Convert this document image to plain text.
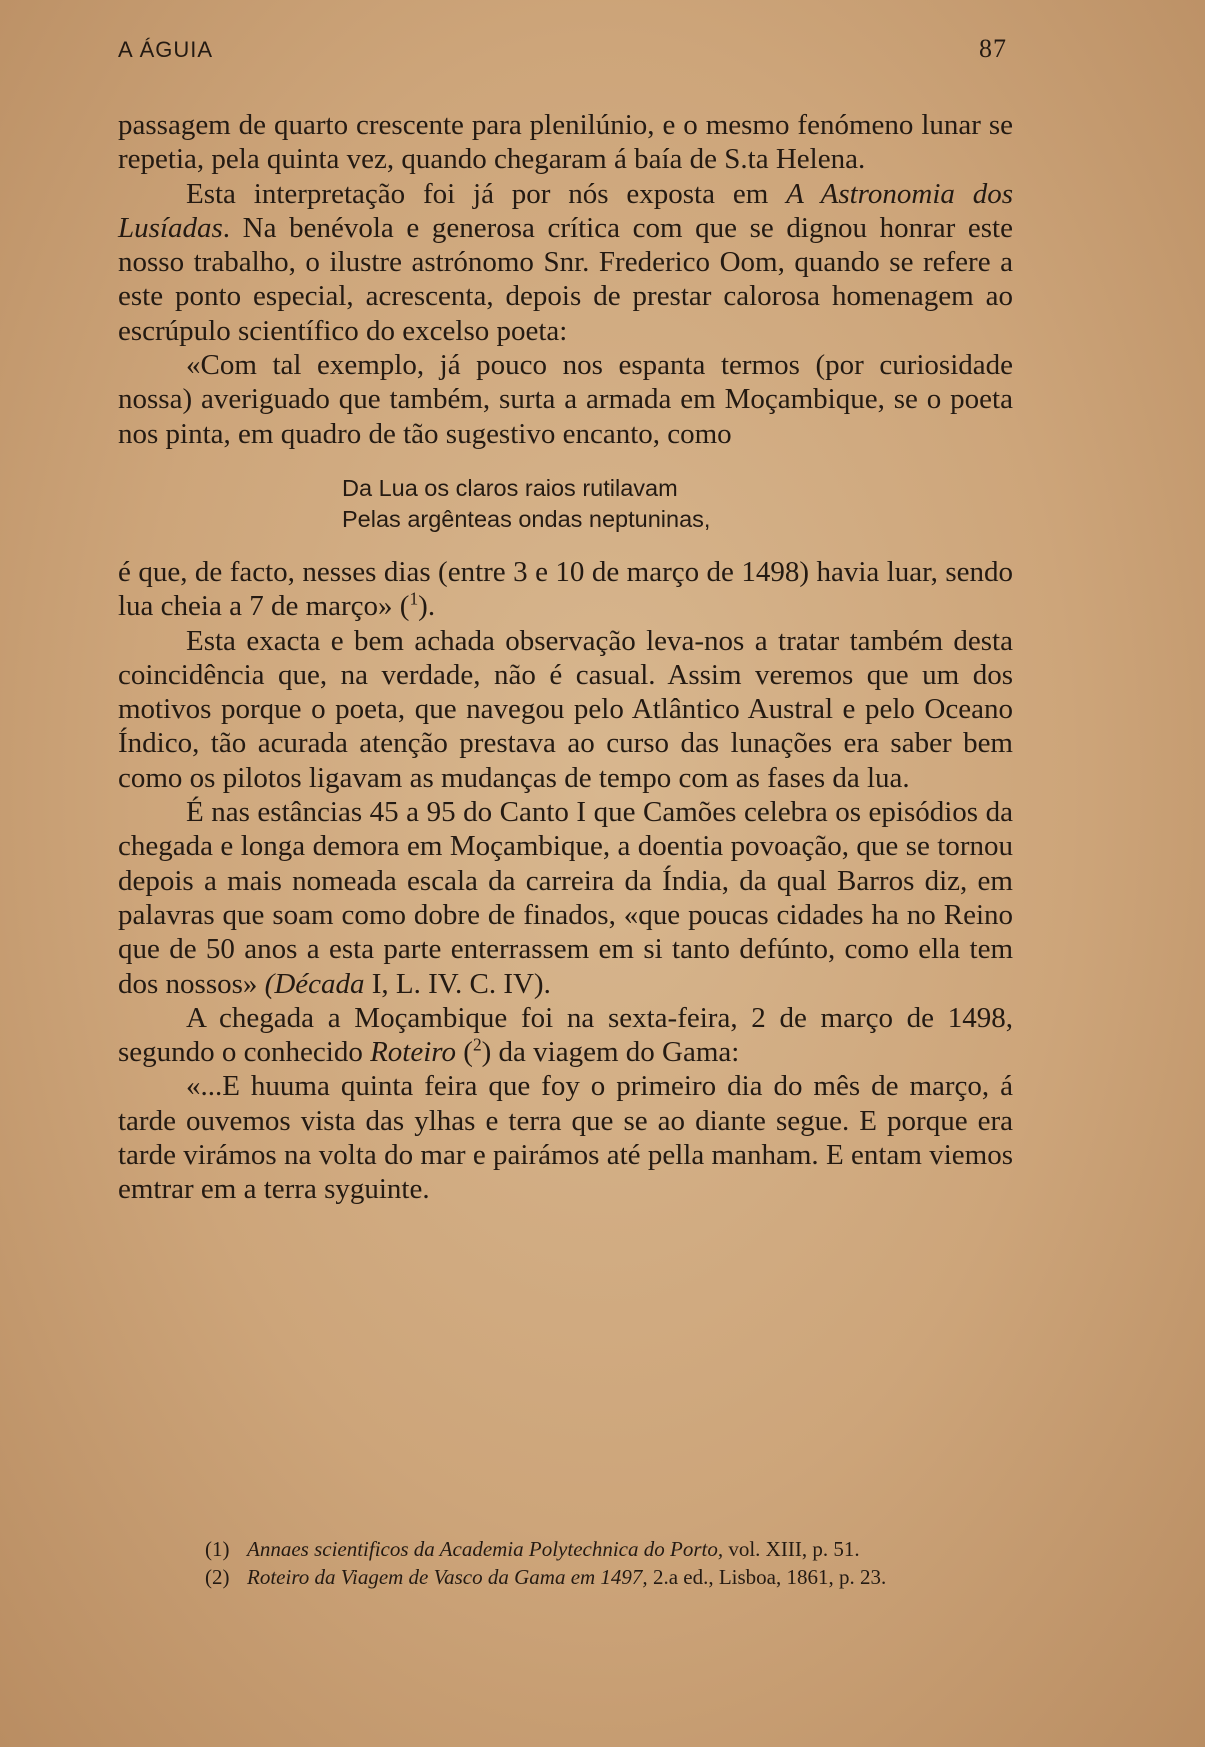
A ÁGUIA	87

passagem de quarto crescente para plenilúnio, e o mesmo fenómeno lunar se repetia, pela quinta vez, quando chegaram á baía de S.ta Helena.

Esta interpretação foi já por nós exposta em A Astronomia dos Lusíadas. Na benévola e generosa crítica com que se dignou honrar este nosso trabalho, o ilustre astrónomo Snr. Frederico Oom, quando se refere a este ponto especial, acrescenta, depois de prestar calorosa homenagem ao escrúpulo scientífico do excelso poeta:

«Com tal exemplo, já pouco nos espanta termos (por curiosidade nossa) averiguado que também, surta a armada em Moçambique, se o poeta nos pinta, em quadro de tão sugestivo encanto, como

Da Lua os claros raios rutilavam
Pelas argênteas ondas neptuninas,

é que, de facto, nesses dias (entre 3 e 10 de março de 1498) havia luar, sendo lua cheia a 7 de março» ($^1$).

Esta exacta e bem achada observação leva-nos a tratar também desta coincidência que, na verdade, não é casual. Assim veremos que um dos motivos porque o poeta, que navegou pelo Atlântico Austral e pelo Oceano Índico, tão acurada atenção prestava ao curso das lunações era saber bem como os pilotos ligavam as mudanças de tempo com as fases da lua.

É nas estâncias 45 a 95 do Canto I que Camões celebra os episódios da chegada e longa demora em Moçambique, a doentia povoação, que se tornou depois a mais nomeada escala da carreira da Índia, da qual Barros diz, em palavras que soam como dobre de finados, «que poucas cidades ha no Reino que de 50 anos a esta parte enterrassem em si tanto defúnto, como ella tem dos nossos» (Década I, L. IV. C. IV).

A chegada a Moçambique foi na sexta-feira, 2 de março de 1498, segundo o conhecido Roteiro ($^2$) da viagem do Gama:

«...E huuma quinta feira que foy o primeiro dia do mês de março, á tarde ouvemos vista das ylhas e terra que se ao diante segue. E porque era tarde virámos na volta do mar e pairámos até pella manham. E entam viemos emtrar em a terra syguinte.

(1) Annaes scientificos da Academia Polytechnica do Porto, vol. XIII, p. 51.
(2) Roteiro da Viagem de Vasco da Gama em 1497, 2.a ed., Lisboa, 1861, p. 23.
